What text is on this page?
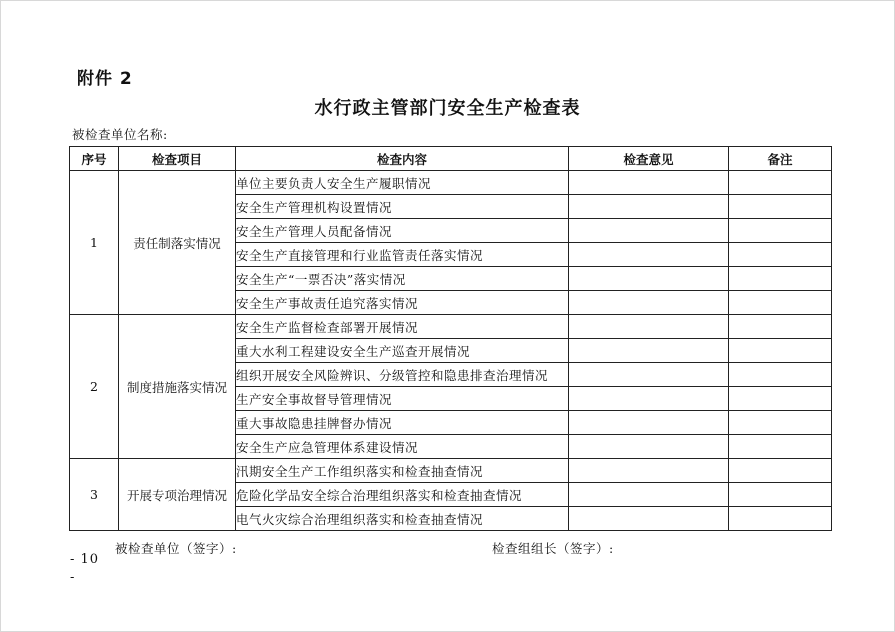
附件 2
水行政主管部门安全生产检查表
被检查单位名称:
序号	检查项目	检查内容	检查意见	备注
1	责任制落实情况	单位主要负责人安全生产履职情况		
		安全生产管理机构设置情况		
		安全生产管理人员配备情况		
		安全生产直接管理和行业监管责任落实情况		
		安全生产“一票否决”落实情况		
		安全生产事故责任追究落实情况		
2	制度措施落实情况	安全生产监督检查部署开展情况		
		重大水利工程建设安全生产巡查开展情况		
		组织开展安全风险辨识、分级管控和隐患排查治理情况		
		生产安全事故督导管理情况		
		重大事故隐患挂牌督办情况		
		安全生产应急管理体系建设情况		
3	开展专项治理情况	汛期安全生产工作组织落实和检查抽查情况		
		危险化学品安全综合治理组织落实和检查抽查情况		
		电气火灾综合治理组织落实和检查抽查情况		
被检查单位（签字）:	检查组组长（签字）:
- 10
-
